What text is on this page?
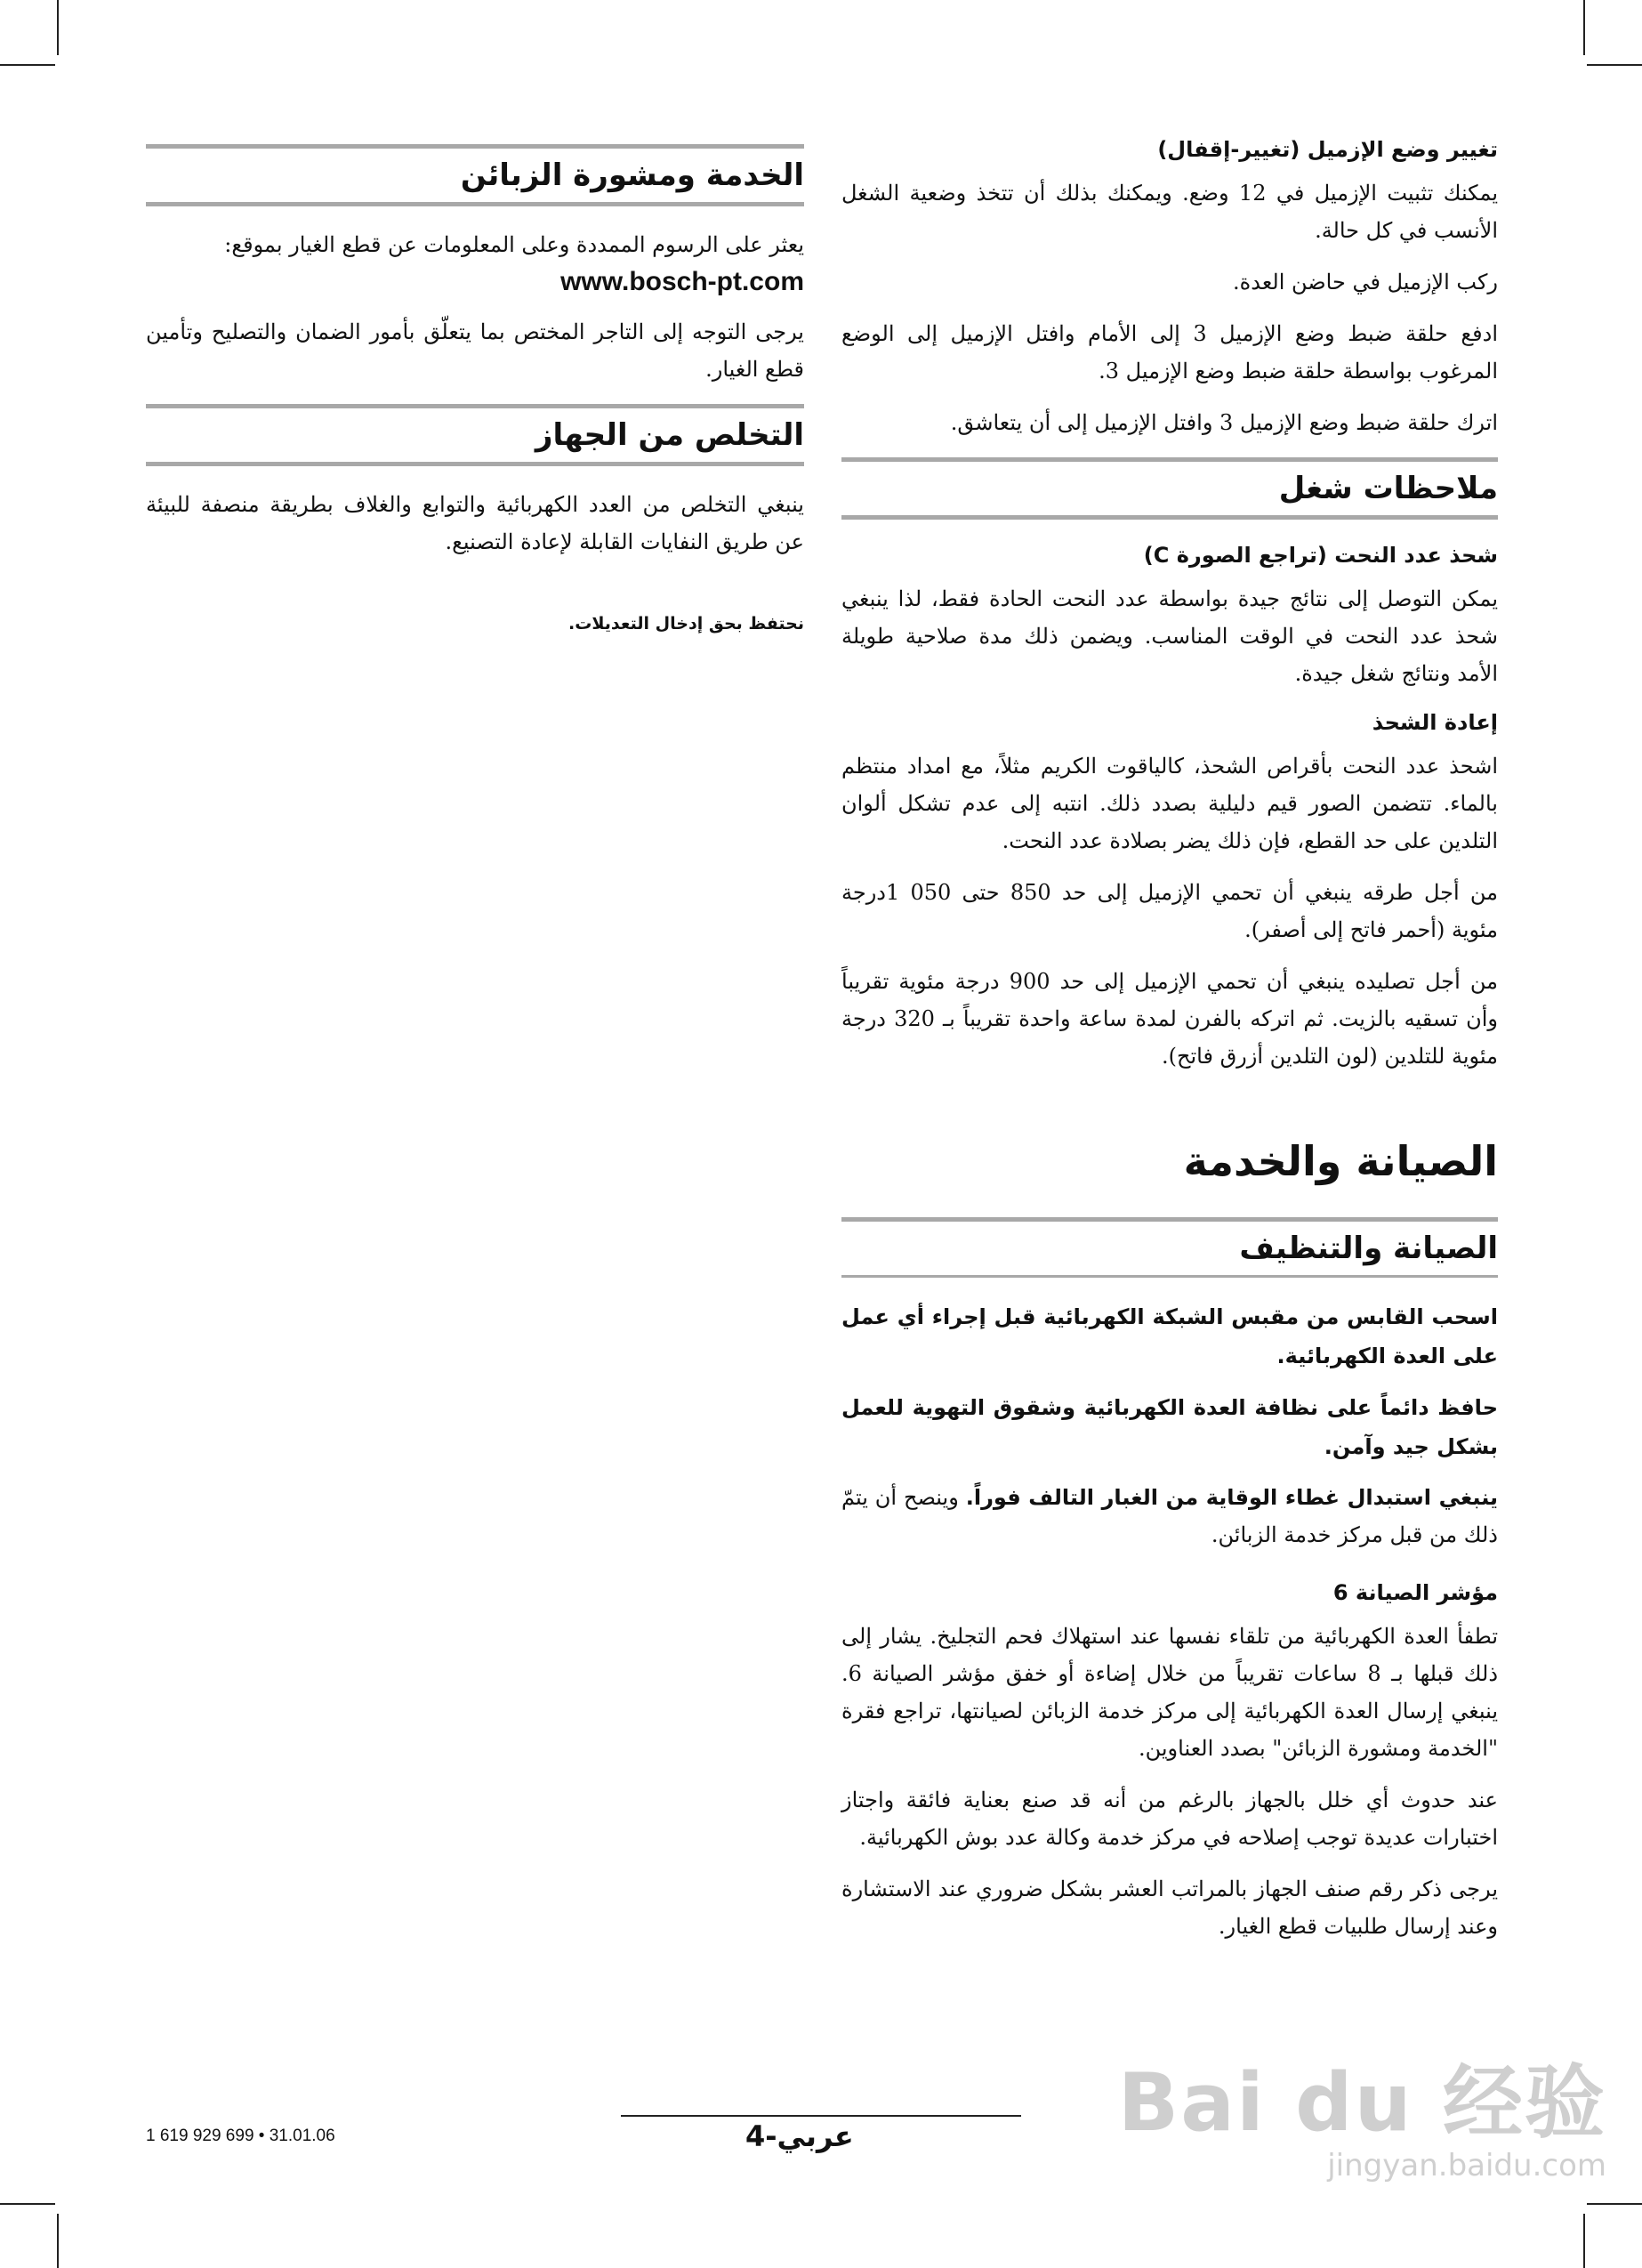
تغيير وضع الإزميل (تغيير-إقفال)

يمكنك تثبيت الإزميل في 12 وضع. ويمكنك بذلك أن تتخذ وضعية الشغل الأنسب في كل حالة.

ركب الإزميل في حاضن العدة.

ادفع حلقة ضبط وضع الإزميل 3 إلى الأمام وافتل الإزميل إلى الوضع المرغوب بواسطة حلقة ضبط وضع الإزميل 3.

اترك حلقة ضبط وضع الإزميل 3 وافتل الإزميل إلى أن يتعاشق.

ملاحظات شغل
شحذ عدد النحت (تراجع الصورة C)

يمكن التوصل إلى نتائج جيدة بواسطة عدد النحت الحادة فقط، لذا ينبغي شحذ عدد النحت في الوقت المناسب. ويضمن ذلك مدة صلاحية طويلة الأمد ونتائج شغل جيدة.

إعادة الشحذ

اشحذ عدد النحت بأقراص الشحذ، كالياقوت الكريم مثلاً، مع امداد منتظم بالماء. تتضمن الصور قيم دليلية بصدد ذلك. انتبه إلى عدم تشكل ألوان التلدين على حد القطع، فإن ذلك يضر بصلادة عدد النحت.

من أجل طرقه ينبغي أن تحمي الإزميل إلى حد 850 حتى 050 1درجة مئوية (أحمر فاتح إلى أصفر).

من أجل تصليده ينبغي أن تحمي الإزميل إلى حد 900 درجة مئوية تقريباً وأن تسقيه بالزيت. ثم اتركه بالفرن لمدة ساعة واحدة تقريباً بـ 320 درجة مئوية للتلدين (لون التلدين أزرق فاتح).

الصيانة والخدمة
الصيانة والتنظيف

اسحب القابس من مقبس الشبكة الكهربائية قبل إجراء أي عمل على العدة الكهربائية.

حافظ دائماً على نظافة العدة الكهربائية وشقوق التهوية للعمل بشكل جيد وآمن.

ينبغي استبدال غطاء الوقاية من الغبار التالف فوراً. وينصح أن يتمّ ذلك من قبل مركز خدمة الزبائن.

مؤشر الصيانة 6

تطفأ العدة الكهربائية من تلقاء نفسها عند استهلاك فحم التجليخ. يشار إلى ذلك قبلها بـ 8 ساعات تقريباً من خلال إضاءة أو خفق مؤشر الصيانة 6. ينبغي إرسال العدة الكهربائية إلى مركز خدمة الزبائن لصيانتها، تراجع فقرة "الخدمة ومشورة الزبائن" بصدد العناوين.

عند حدوث أي خلل بالجهاز بالرغم من أنه قد صنع بعناية فائقة واجتاز اختبارات عديدة توجب إصلاحه في مركز خدمة وكالة عدد بوش الكهربائية.

يرجى ذكر رقم صنف الجهاز بالمراتب العشر بشكل ضروري عند الاستشارة وعند إرسال طلبيات قطع الغيار.

الخدمة ومشورة الزبائن

يعثر على الرسوم الممددة وعلى المعلومات عن قطع الغيار بموقع:

www.bosch-pt.com

يرجى التوجه إلى التاجر المختص بما يتعلّق بأمور الضمان والتصليح وتأمين قطع الغيار.

التخلص من الجهاز

ينبغي التخلص من العدد الكهربائية والتوابع والغلاف بطريقة منصفة للبيئة عن طريق النفايات القابلة لإعادة التصنيع.

نحتفظ بحق إدخال التعديلات.
1 619 929 699 • 31.01.06	عربي-4	Bai du 经验
jingyan.baidu.com
